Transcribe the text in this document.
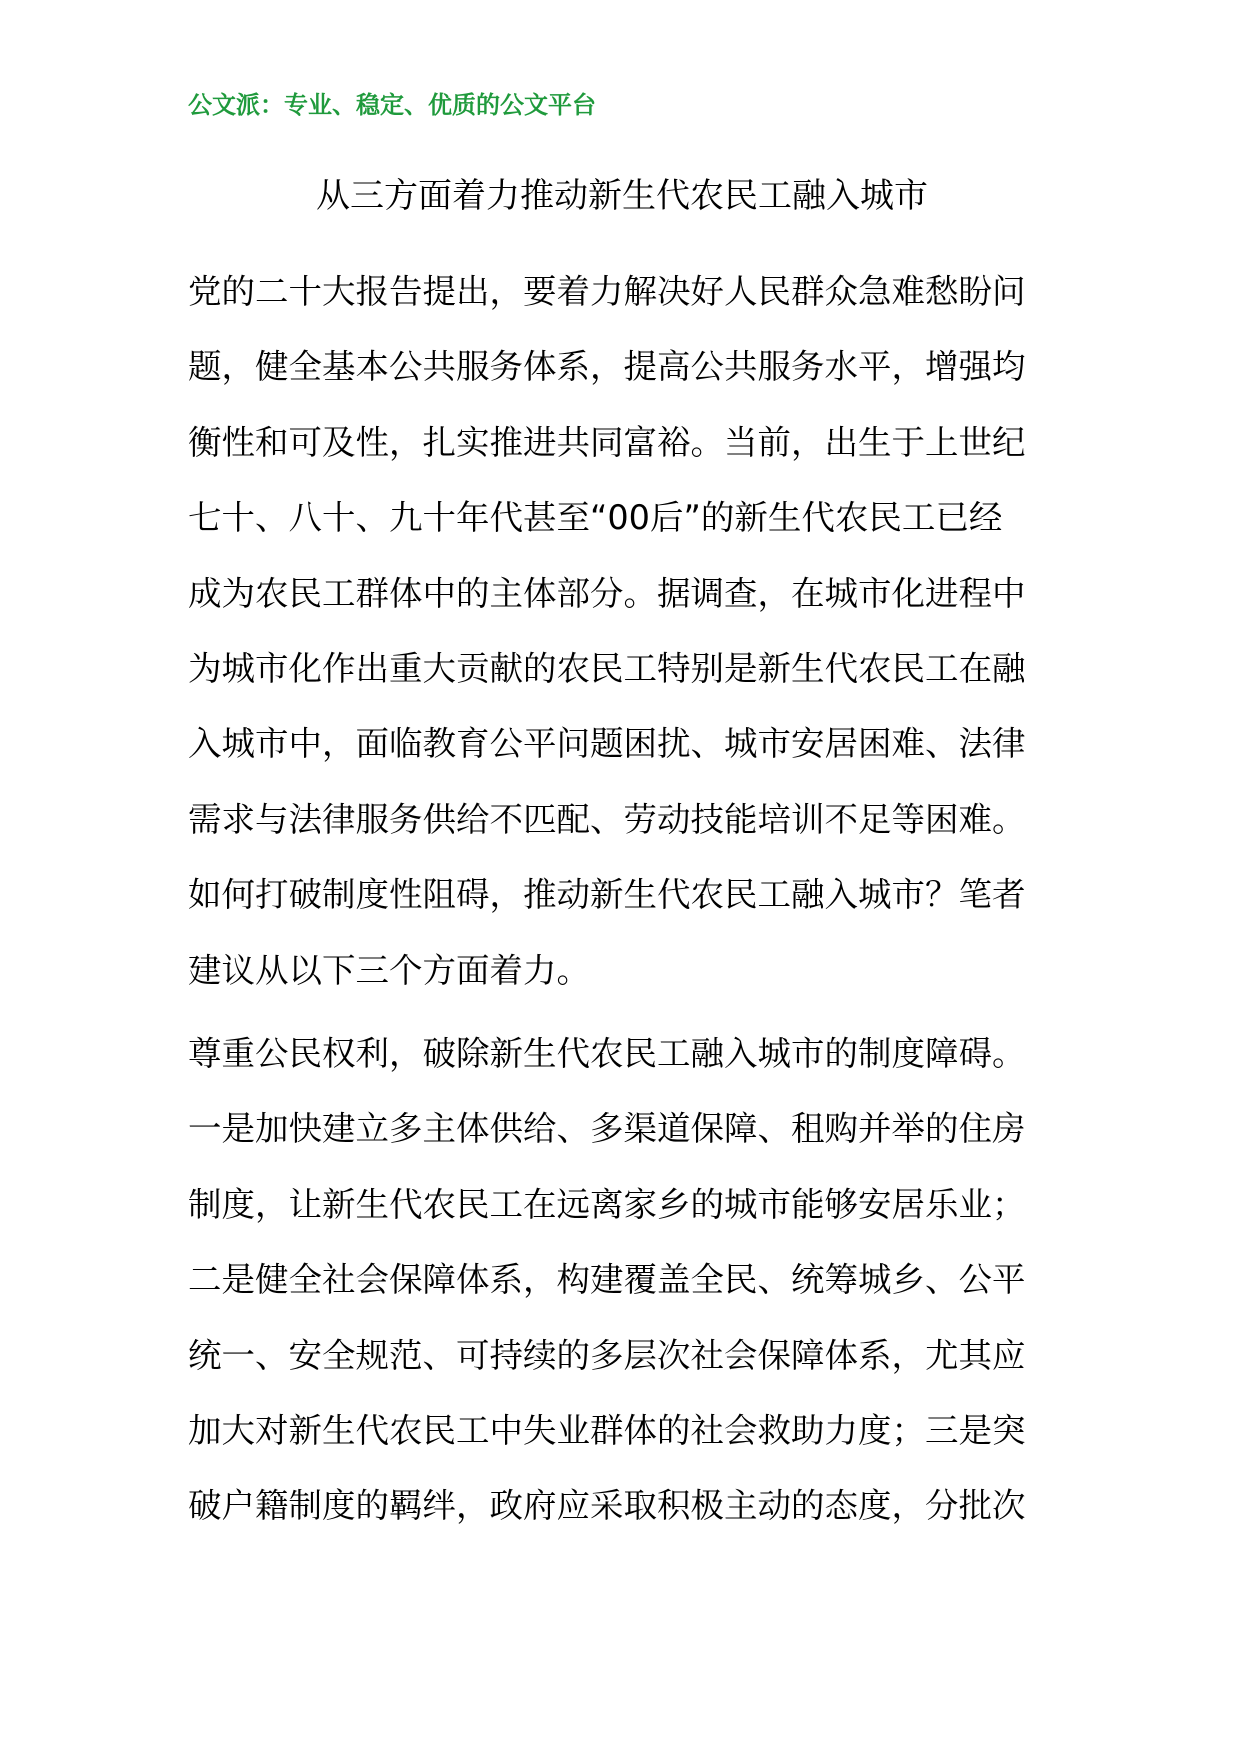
公文派：专业、稳定、优质的公文平台
从三方面着力推动新生代农民工融入城市
党的二十大报告提出，要着力解决好人民群众急难愁盼问
题，健全基本公共服务体系，提高公共服务水平，增强均
衡性和可及性，扎实推进共同富裕。当前，出生于上世纪
七十、八十、九十年代甚至“00后”的新生代农民工已经
成为农民工群体中的主体部分。据调查，在城市化进程中
为城市化作出重大贡献的农民工特别是新生代农民工在融
入城市中，面临教育公平问题困扰、城市安居困难、法律
需求与法律服务供给不匹配、劳动技能培训不足等困难。
如何打破制度性阻碍，推动新生代农民工融入城市？笔者
建议从以下三个方面着力。
尊重公民权利，破除新生代农民工融入城市的制度障碍。
一是加快建立多主体供给、多渠道保障、租购并举的住房
制度，让新生代农民工在远离家乡的城市能够安居乐业；
二是健全社会保障体系，构建覆盖全民、统筹城乡、公平
统一、安全规范、可持续的多层次社会保障体系，尤其应
加大对新生代农民工中失业群体的社会救助力度；三是突
破户籍制度的羁绊，政府应采取积极主动的态度，分批次
